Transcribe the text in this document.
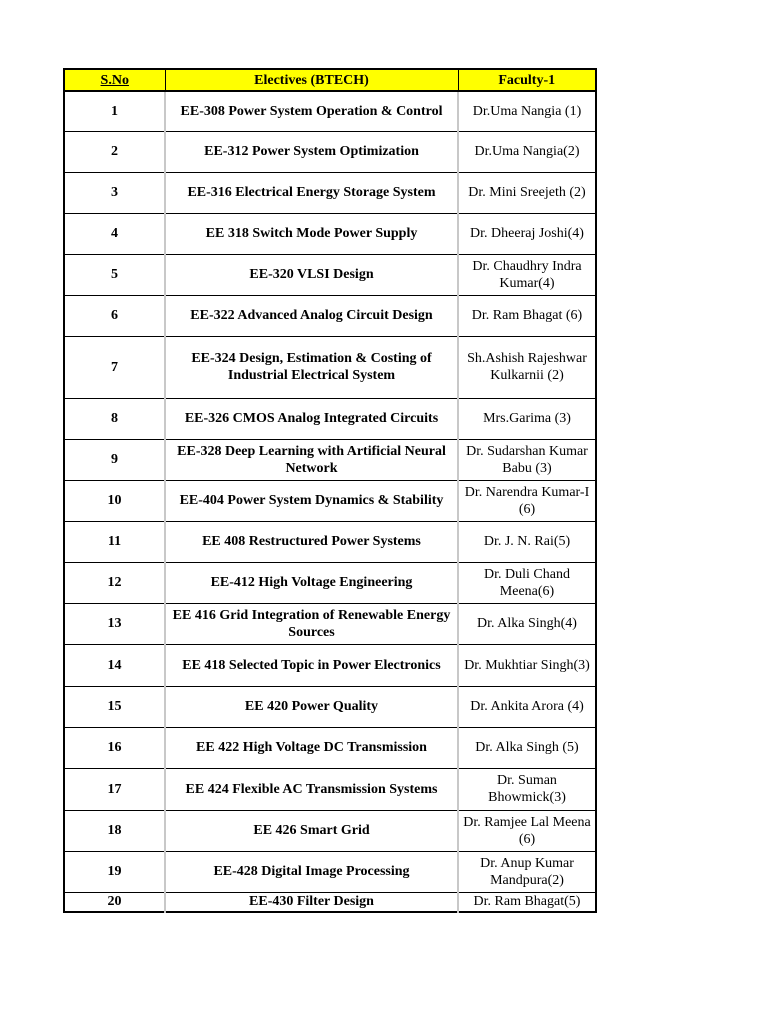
S.No	Electives (BTECH)	Faculty-1
1	EE-308 Power System Operation & Control	Dr.Uma Nangia (1)
2	EE-312 Power System Optimization	Dr.Uma Nangia(2)
3	EE-316 Electrical Energy Storage System	Dr. Mini Sreejeth (2)
4	EE 318 Switch Mode Power Supply	Dr. Dheeraj Joshi(4)
5	EE-320 VLSI Design	Dr. Chaudhry Indra Kumar(4)
6	EE-322 Advanced Analog Circuit Design	Dr. Ram Bhagat (6)
7	EE-324 Design, Estimation & Costing of Industrial Electrical System	Sh.Ashish Rajeshwar Kulkarnii (2)
8	EE-326 CMOS Analog Integrated Circuits	Mrs.Garima (3)
9	EE-328 Deep Learning with Artificial Neural Network	Dr. Sudarshan Kumar Babu (3)
10	EE-404 Power System Dynamics & Stability	Dr. Narendra Kumar-I (6)
11	EE 408 Restructured Power Systems	Dr. J. N. Rai(5)
12	EE-412 High Voltage Engineering	Dr. Duli Chand Meena(6)
13	EE 416 Grid Integration of Renewable Energy Sources	Dr. Alka Singh(4)
14	EE 418 Selected Topic in Power Electronics	Dr. Mukhtiar Singh(3)
15	EE 420 Power Quality	Dr. Ankita Arora (4)
16	EE 422 High Voltage DC Transmission	Dr. Alka Singh (5)
17	EE 424 Flexible AC Transmission Systems	Dr. Suman Bhowmick(3)
18	EE 426 Smart Grid	Dr. Ramjee Lal Meena (6)
19	EE-428 Digital Image Processing	Dr. Anup Kumar Mandpura(2)
20	EE-430 Filter Design	Dr. Ram Bhagat(5)
